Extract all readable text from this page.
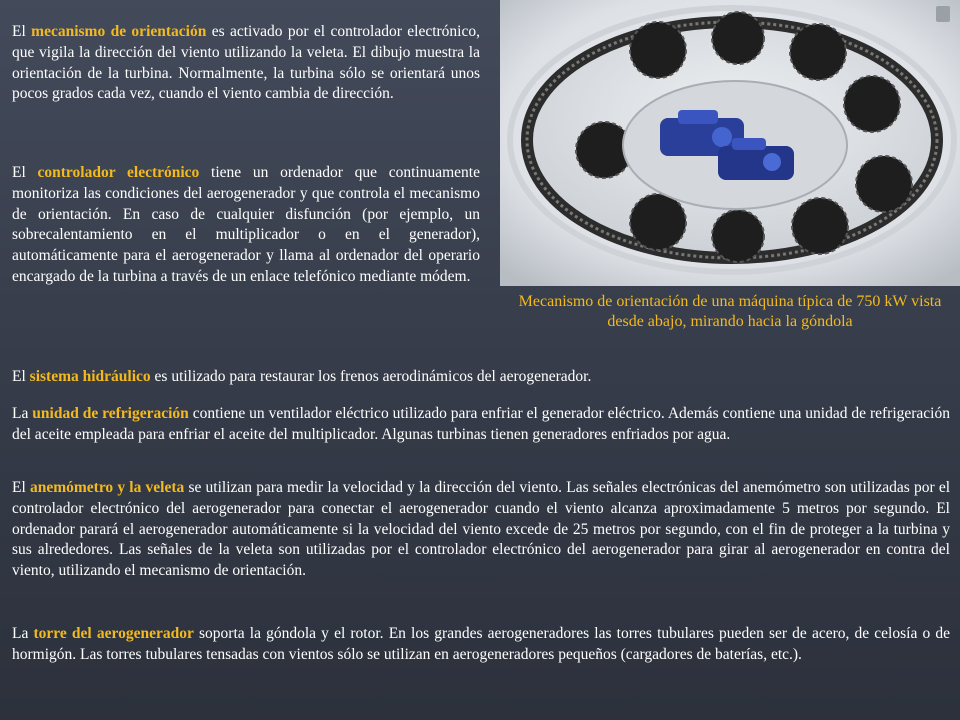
El mecanismo de orientación es activado por el controlador electrónico, que vigila la dirección del viento utilizando la veleta. El dibujo muestra la orientación de la turbina. Normalmente, la turbina sólo se orientará unos pocos grados cada vez, cuando el viento cambia de dirección.

El controlador electrónico tiene un ordenador que continuamente monitoriza las condiciones del aerogenerador y que controla el mecanismo de orientación. En caso de cualquier disfunción (por ejemplo, un sobrecalentamiento en el multiplicador o en el generador), automáticamente para el aerogenerador y llama al ordenador del operario encargado de la turbina a través de un enlace telefónico mediante módem.

Mecanismo de orientación de una máquina típica de 750 kW vista desde abajo, mirando hacia la góndola

El sistema hidráulico es utilizado para restaurar los frenos aerodinámicos del aerogenerador.

La unidad de refrigeración contiene un ventilador eléctrico utilizado para enfriar el generador eléctrico. Además contiene una unidad de refrigeración del aceite empleada para enfriar el aceite del multiplicador. Algunas turbinas tienen generadores enfriados por agua.

El anemómetro y la veleta se utilizan para medir la velocidad y la dirección del viento. Las señales electrónicas del anemómetro son utilizadas por el controlador electrónico del aerogenerador para conectar el aerogenerador cuando el viento alcanza aproximadamente 5 metros por segundo. El ordenador parará el aerogenerador automáticamente si la velocidad del viento excede de 25 metros por segundo, con el fin de proteger a la turbina y sus alrededores. Las señales de la veleta son utilizadas por el controlador electrónico del aerogenerador para girar al aerogenerador en contra del viento, utilizando el mecanismo de orientación.

La torre del aerogenerador soporta la góndola y el rotor. En los grandes aerogeneradores las torres tubulares pueden ser de acero, de celosía o de hormigón. Las torres tubulares tensadas con vientos sólo se utilizan en aerogeneradores pequeños (cargadores de baterías, etc.).
